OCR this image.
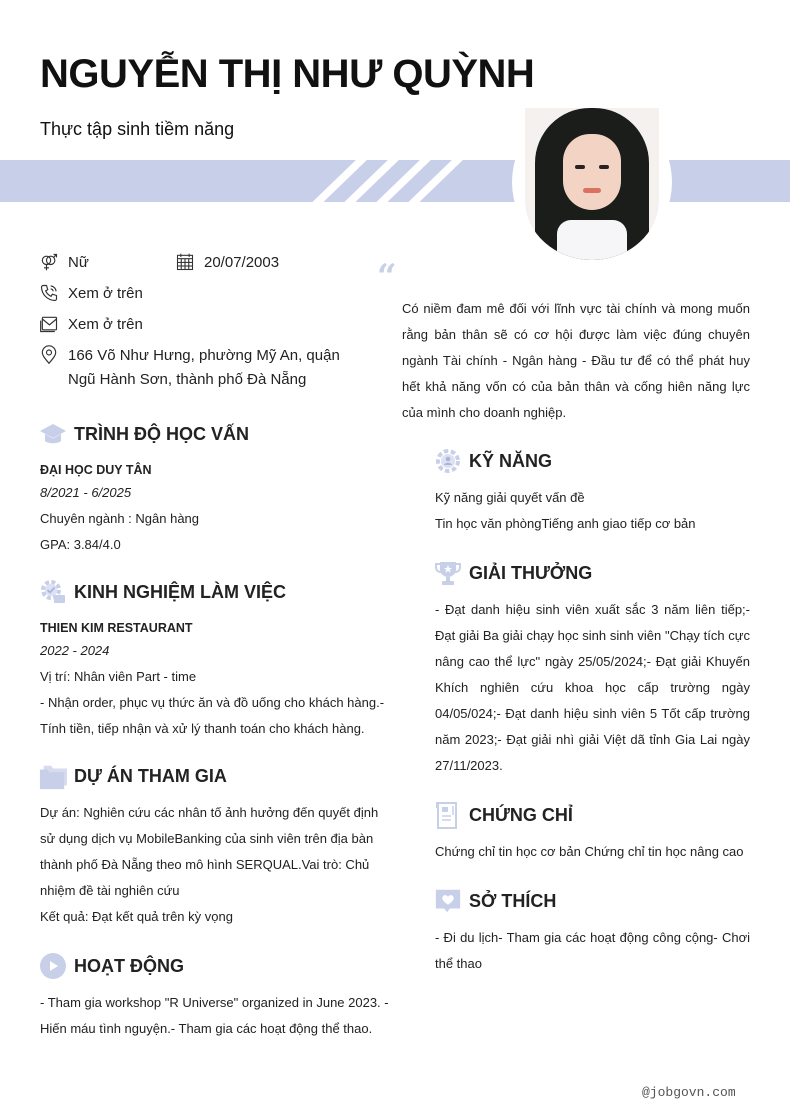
NGUYỄN THỊ NHƯ QUỲNH
Thực tập sinh tiềm năng
Nữ	20/07/2003
Xem ở trên
Xem ở trên
166 Võ Như Hưng, phường Mỹ An, quận
Ngũ Hành Sơn, thành phố Đà Nẵng
“
Có niềm đam mê đối với lĩnh vực tài chính và mong muốn rằng bản thân sẽ có cơ hội được làm việc đúng chuyên ngành Tài chính - Ngân hàng - Đầu tư để có thể phát huy hết khả năng vốn có của bản thân và cống hiên năng lực của mình cho doanh nghiệp.
TRÌNH ĐỘ HỌC VẤN
ĐẠI HỌC DUY TÂN
8/2021 - 6/2025
Chuyên ngành : Ngân hàng
GPA: 3.84/4.0
KINH NGHIỆM LÀM VIỆC
THIEN KIM RESTAURANT
2022 - 2024
Vị trí: Nhân viên Part - time
- Nhận order, phục vụ thức ăn và đồ uống cho khách hàng.-
Tính tiền, tiếp nhận và xử lý thanh toán cho khách hàng.
DỰ ÁN THAM GIA
Dự án: Nghiên cứu các nhân tố ảnh hưởng đến quyết định
sử dụng dịch vụ MobileBanking của sinh viên trên địa bàn
thành phố Đà Nẵng theo mô hình SERQUAL.Vai trò: Chủ
nhiệm đề tài nghiên cứu
Kết quả: Đạt kết quả trên kỳ vọng
HOẠT ĐỘNG
- Tham gia workshop "R Universe" organized in June 2023. -
Hiến máu tình nguyện.- Tham gia các hoạt động thể thao.
KỸ NĂNG
Kỹ năng giải quyết vấn đề
Tin học văn phòngTiếng anh giao tiếp cơ bản
GIẢI THƯỞNG
- Đạt danh hiệu sinh viên xuất sắc 3 năm liên tiếp;- Đạt giải Ba giải chạy học sinh sinh viên "Chạy tích cực nâng cao thể lực" ngày 25/05/2024;- Đạt giải Khuyến Khích nghiên cứu khoa học cấp trường ngày 04/05/024;- Đạt danh hiệu sinh viên 5 Tốt cấp trường năm 2023;- Đạt giải nhì giải Việt dã tỉnh Gia Lai ngày 27/11/2023.
CHỨNG CHỈ
Chứng chỉ tin học cơ bản Chứng chỉ tin học nâng cao
SỞ THÍCH
- Đi du lịch- Tham gia các hoạt động công cộng- Chơi thể thao
@jobgovn.com
